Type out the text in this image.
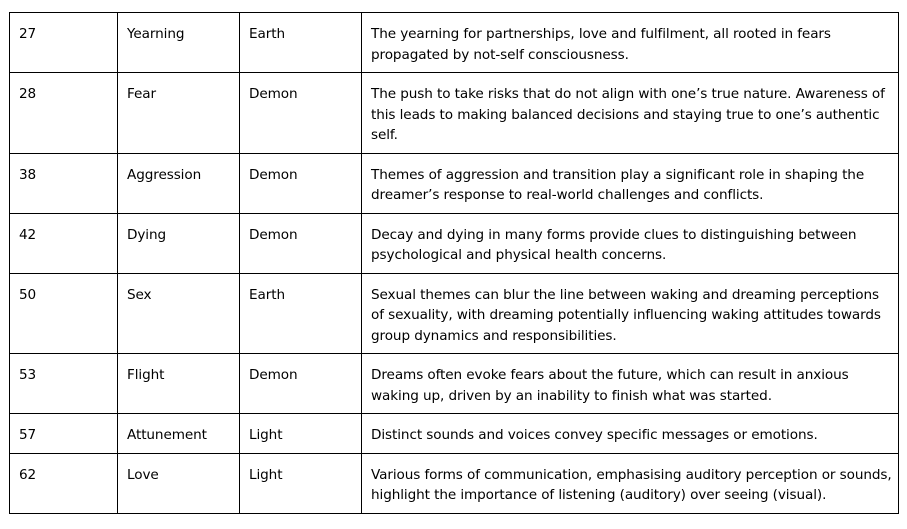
27	Yearning	Earth	The yearning for partnerships, love and fulfilment, all rooted in fears propagated by not-self consciousness.
28	Fear	Demon	The push to take risks that do not align with one’s true nature. Awareness of this leads to making balanced decisions and staying true to one’s authentic self.
38	Aggression	Demon	Themes of aggression and transition play a significant role in shaping the dreamer’s response to real-world challenges and conflicts.
42	Dying	Demon	Decay and dying in many forms provide clues to distinguishing between psychological and physical health concerns.
50	Sex	Earth	Sexual themes can blur the line between waking and dreaming perceptions of sexuality, with dreaming potentially influencing waking attitudes towards group dynamics and responsibilities.
53	Flight	Demon	Dreams often evoke fears about the future, which can result in anxious waking up, driven by an inability to finish what was started.
57	Attunement	Light	Distinct sounds and voices convey specific messages or emotions.
62	Love	Light	Various forms of communication, emphasising auditory perception or sounds, highlight the importance of listening (auditory) over seeing (visual).
